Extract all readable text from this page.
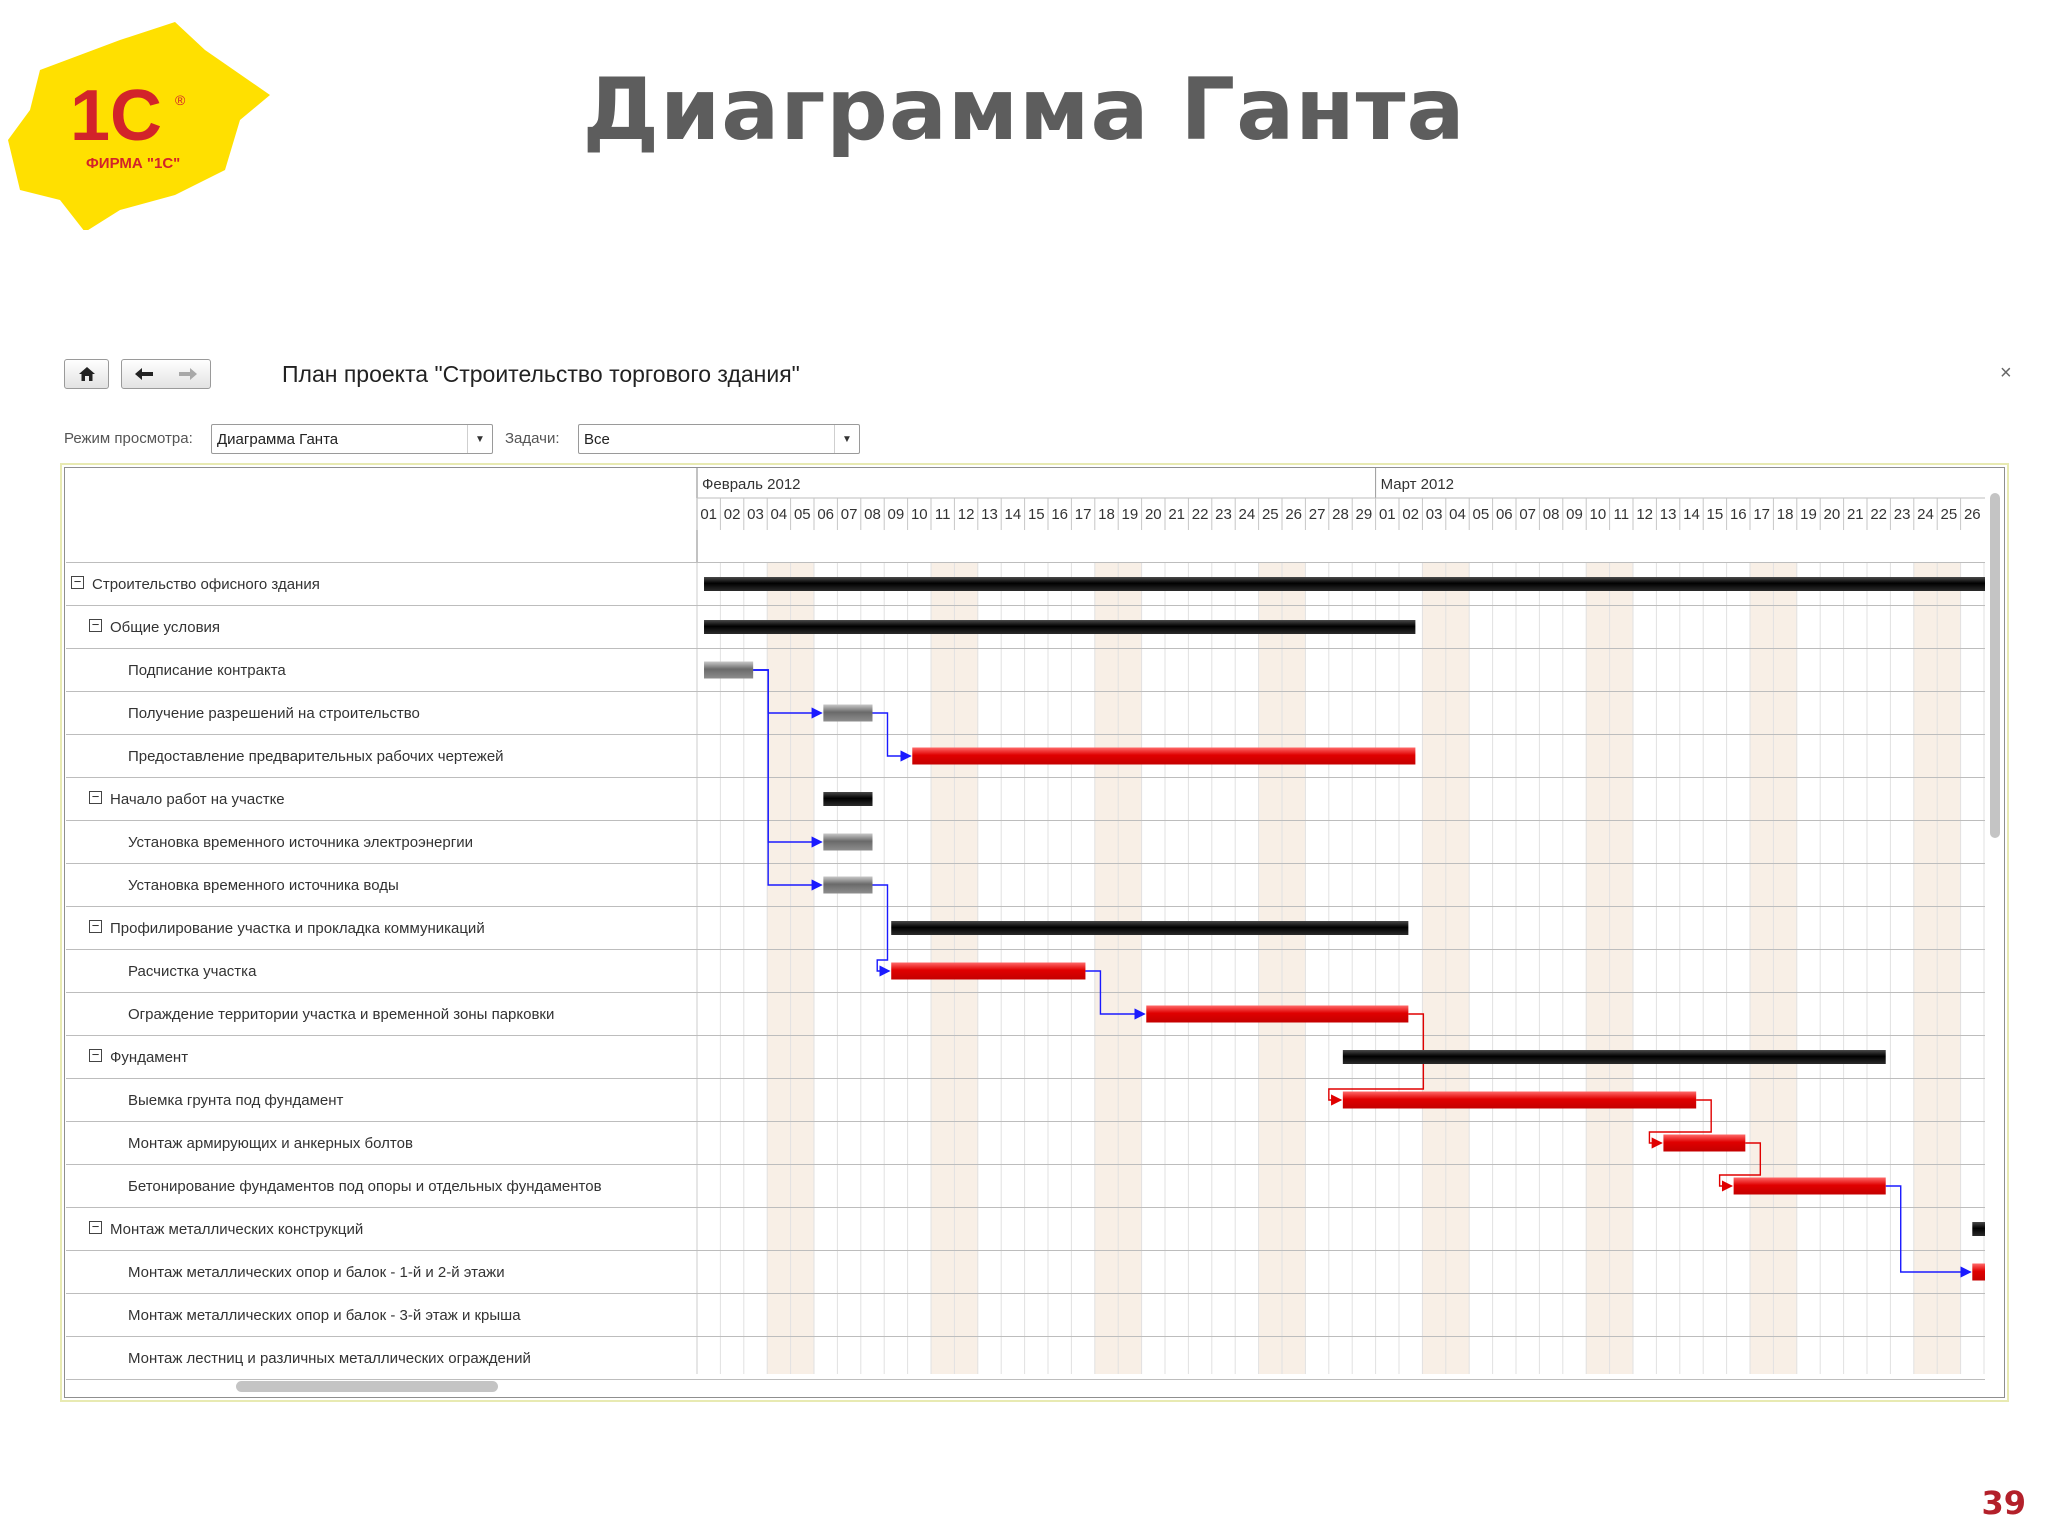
1С ®
ФИРМА "1С"
Диаграмма Ганта
План проекта "Строительство торгового здания"	×
Режим просмотра: Диаграмма Ганта	▼	Задачи: Все	▼
− Строительство офисного здания
− Общие условия
Подписание контракта
Получение разрешений на строительство
Предоставление предварительных рабочих чертежей
− Начало работ на участке
Установка временного источника электроэнергии
Установка временного источника воды
− Профилирование участка и прокладка коммуникаций
Расчистка участка
Ограждение территории участка и временной зоны парковки
− Фундамент
Выемка грунта под фундамент
Монтаж армирующих и анкерных болтов
Бетонирование фундаментов под опоры и отдельных фундаментов
− Монтаж металлических конструкций
Монтаж металлических опор и балок - 1-й и 2-й этажи
Монтаж металлических опор и балок - 3-й этаж и крыша
Монтаж лестниц и различных металлических ограждений
Февраль 2012	Март 2012
01 02 03 04 05 06 07 08 09 10 11 12 13 14 15 16 17 18 19 20 21 22 23 24 25 26 27 28 29 01 02 03 04 05 06 07 08 09 10 11 12 13 14 15 16 17 18 19 20 21 22 23 24 25 26
39
